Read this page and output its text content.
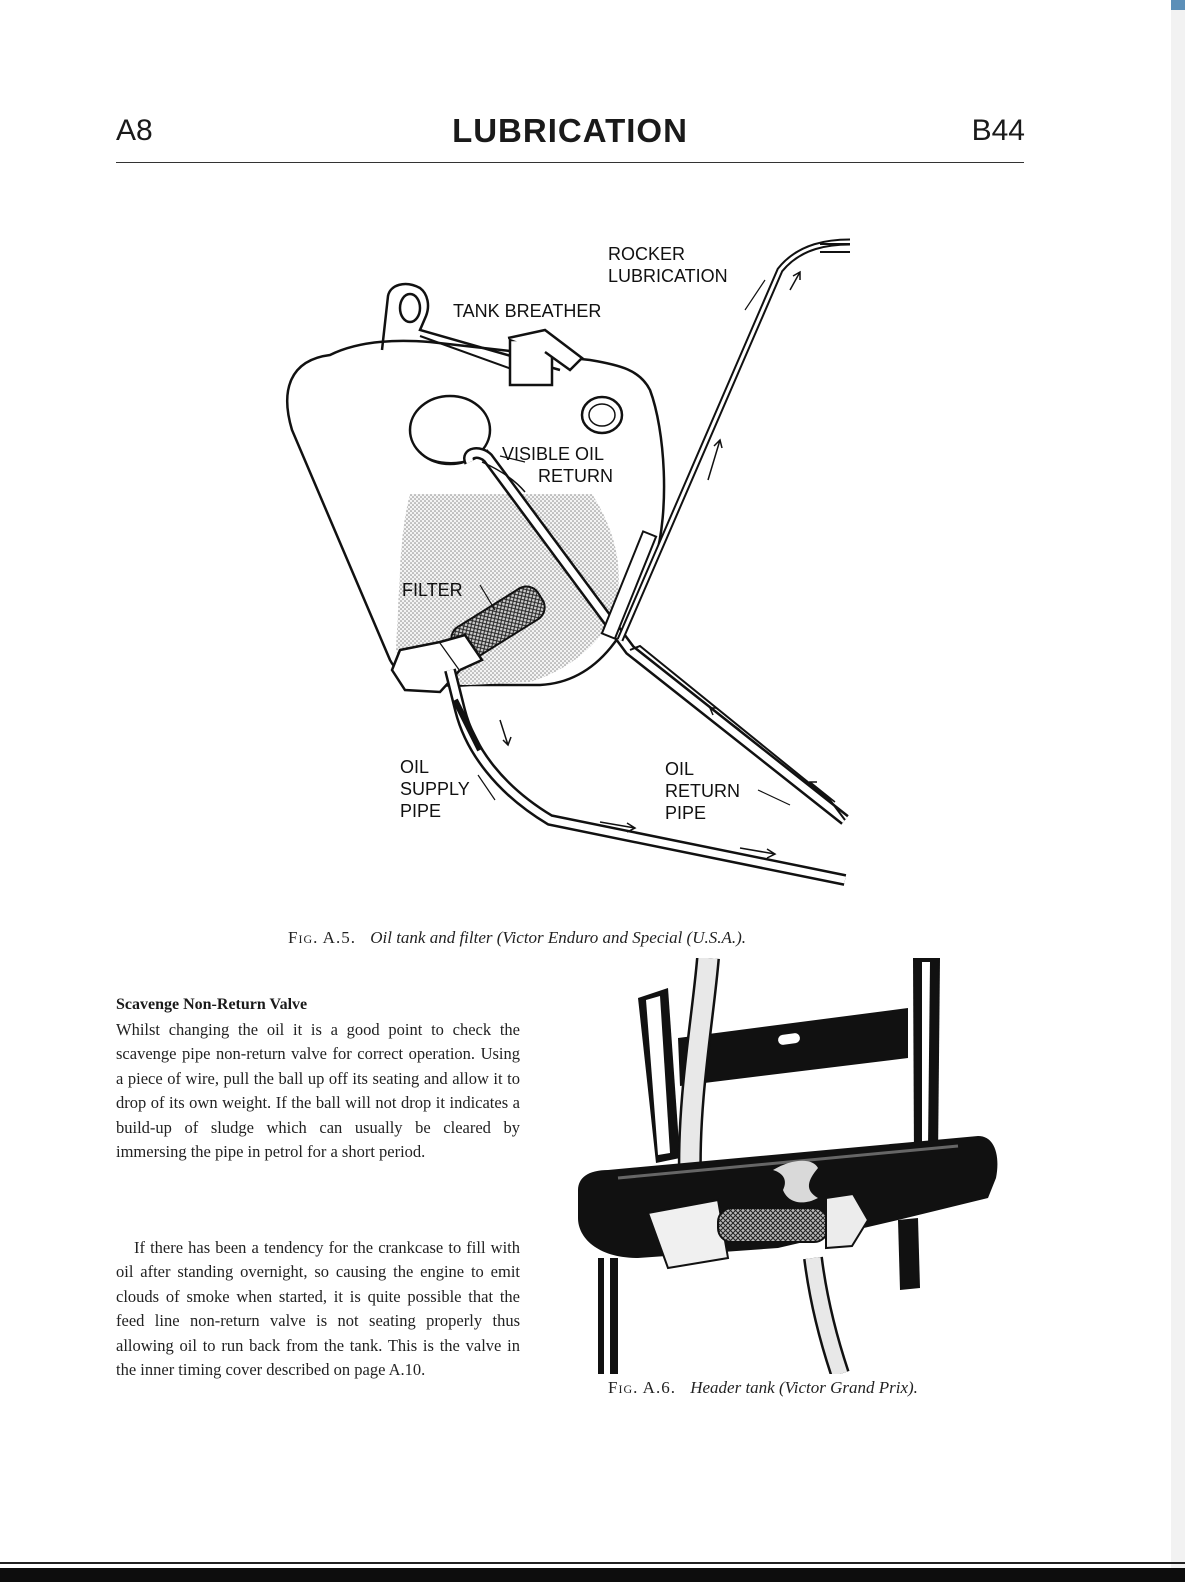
A8	LUBRICATION	B44
ROCKER
LUBRICATION
TANK BREATHER
VISIBLE OIL
RETURN
FILTER
OIL
SUPPLY
PIPE
OIL
RETURN
PIPE
Fig. A.5. Oil tank and filter (Victor Enduro and Special (U.S.A.).
Scavenge Non-Return Valve
Whilst changing the oil it is a good point to check the scavenge pipe non-return valve for correct operation. Using a piece of wire, pull the ball up off its seating and allow it to drop of its own weight. If the ball will not drop it indicates a build-up of sludge which can usually be cleared by immersing the pipe in petrol for a short period.
If there has been a tendency for the crankcase to fill with oil after standing overnight, so causing the engine to emit clouds of smoke when started, it is quite possible that the feed line non-return valve is not seating properly thus allowing oil to run back from the tank. This is the valve in the inner timing cover described on page A.10.
Fig. A.6. Header tank (Victor Grand Prix).
